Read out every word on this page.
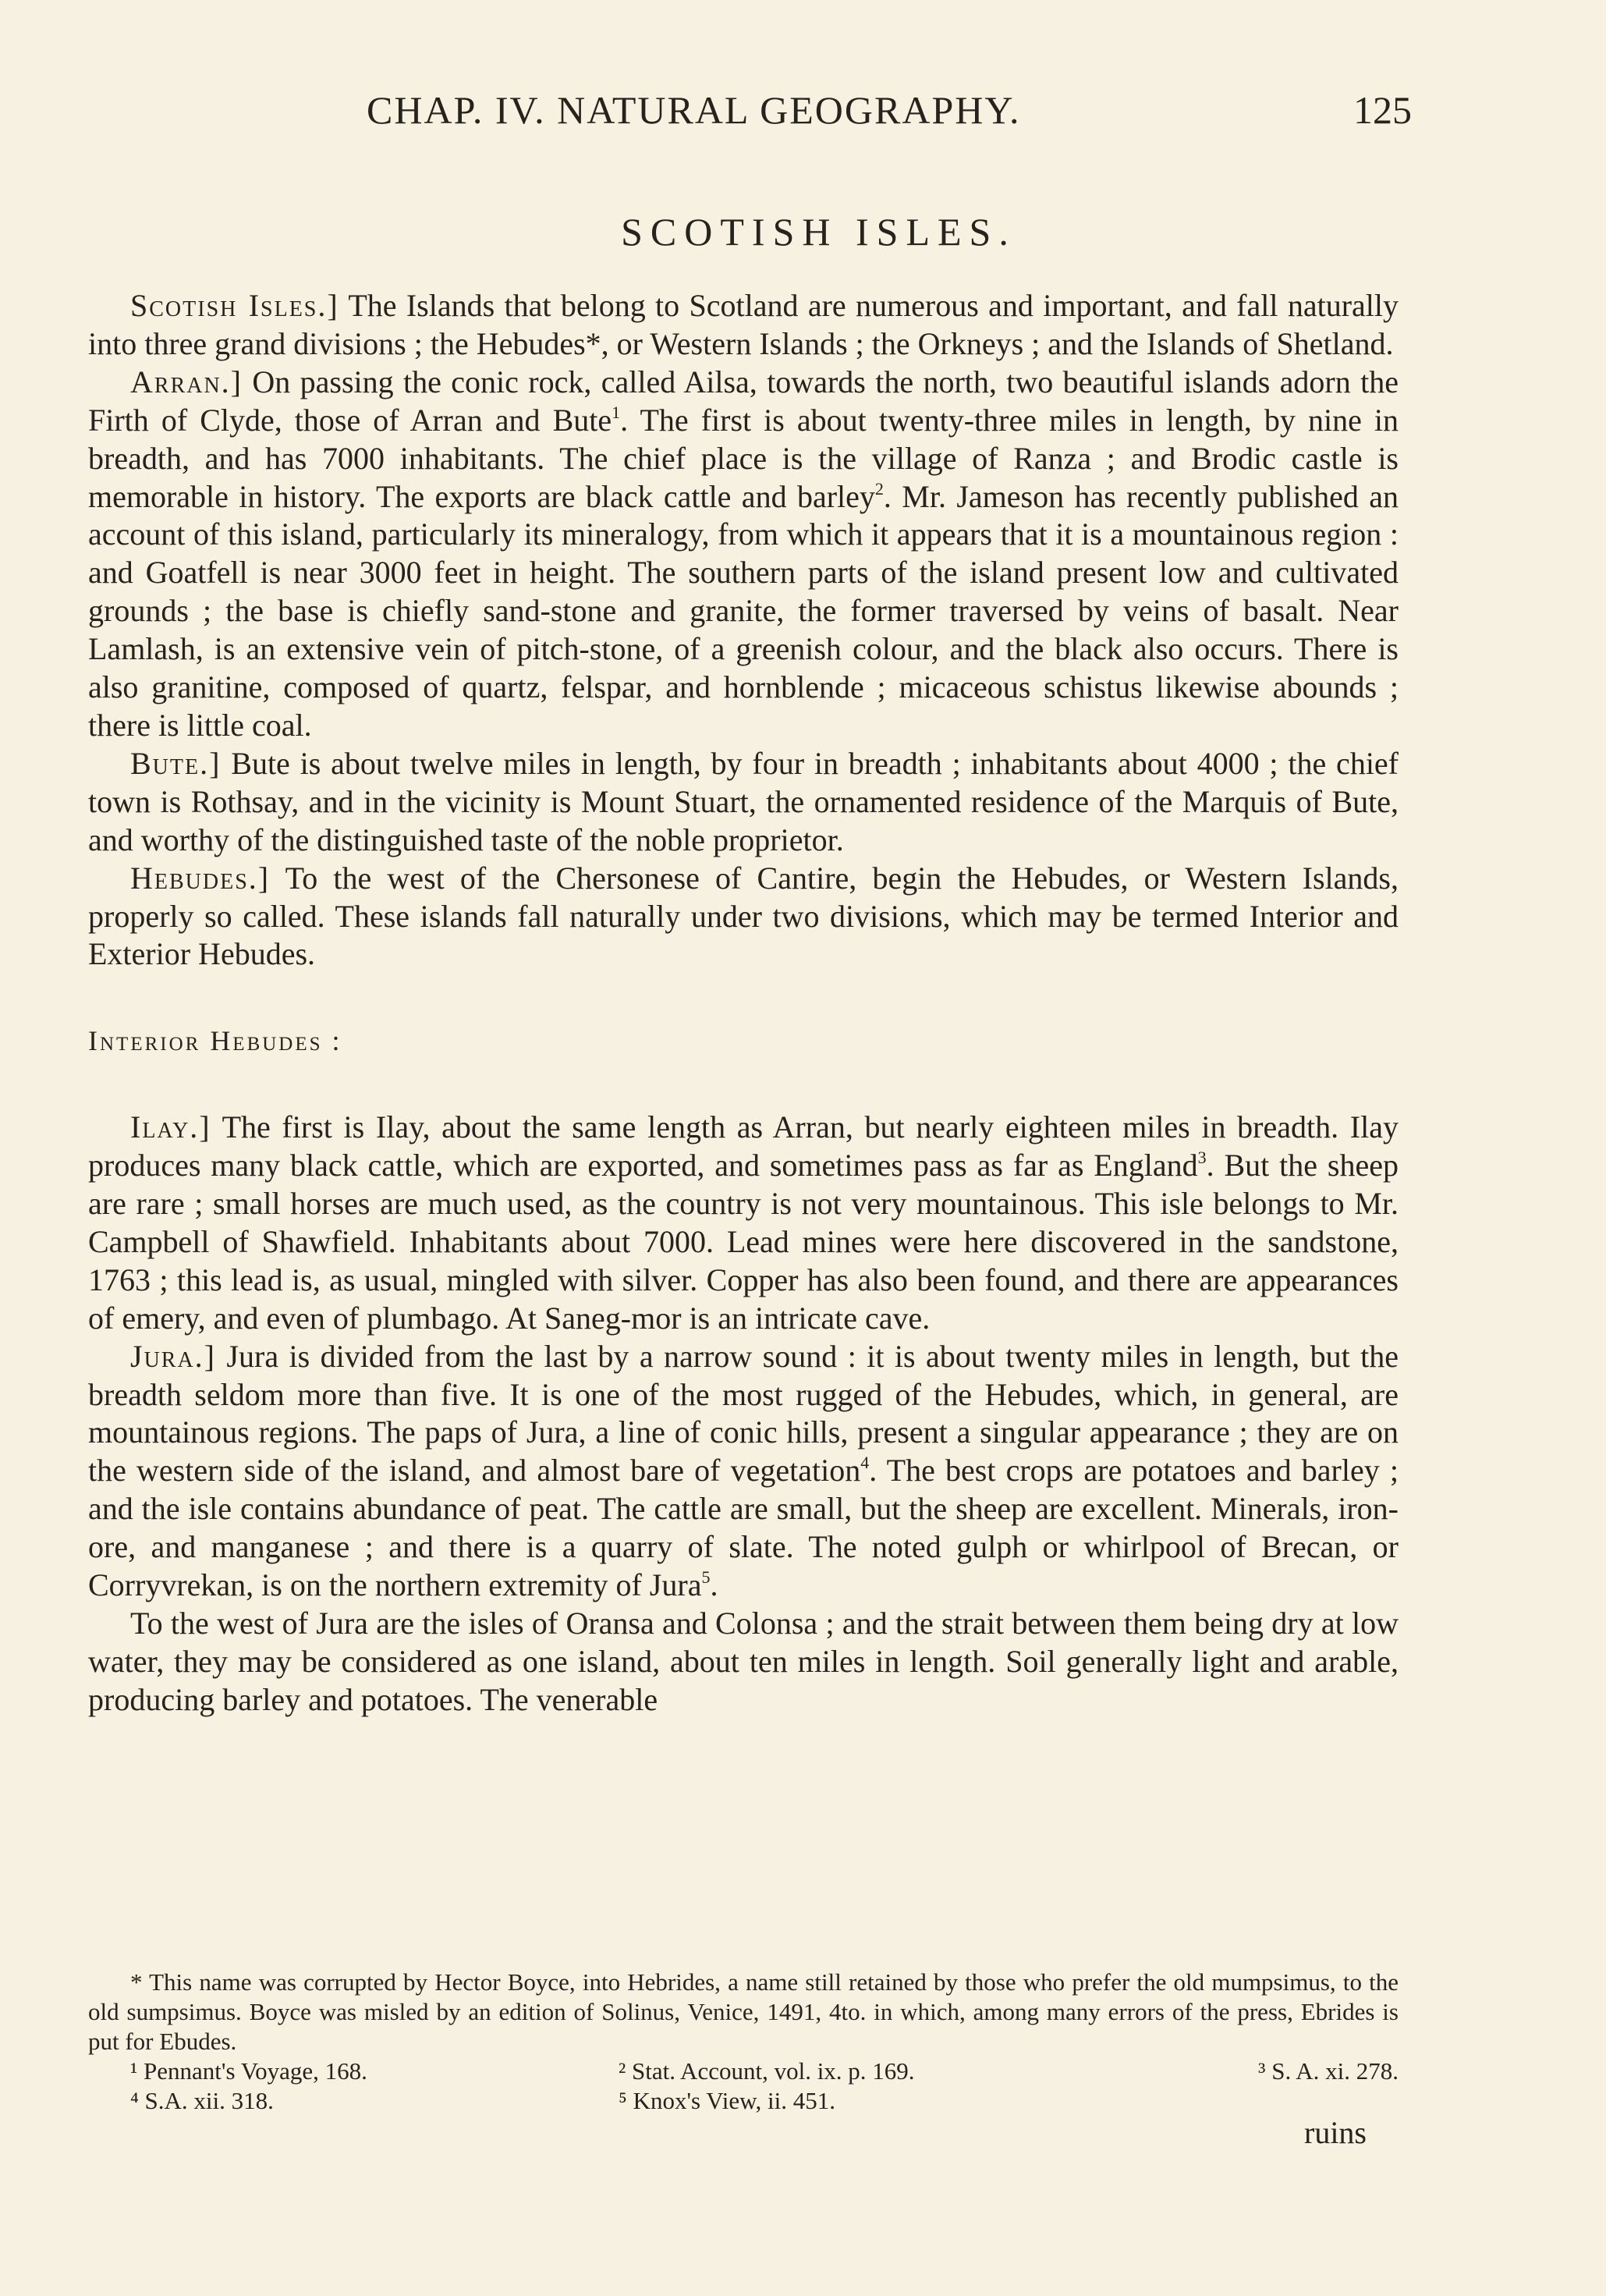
CHAP. IV. NATURAL GEOGRAPHY.	125
SCOTISH ISLES.

Scotish Isles.] The Islands that belong to Scotland are numerous and important, and fall naturally into three grand divisions ; the Hebudes*, or Western Islands ; the Orkneys ; and the Islands of Shetland.

Arran.] On passing the conic rock, called Ailsa, towards the north, two beautiful islands adorn the Firth of Clyde, those of Arran and Bute$^1$. The first is about twenty-three miles in length, by nine in breadth, and has 7000 inhabitants. The chief place is the village of Ranza ; and Brodic castle is memorable in history. The exports are black cattle and barley$^2$. Mr. Jameson has recently published an account of this island, particularly its mineralogy, from which it appears that it is a mountainous region : and Goatfell is near 3000 feet in height. The southern parts of the island present low and cultivated grounds ; the base is chiefly sand-stone and granite, the former traversed by veins of basalt. Near Lamlash, is an extensive vein of pitch-stone, of a greenish colour, and the black also occurs. There is also granitine, composed of quartz, felspar, and hornblende ; micaceous schistus likewise abounds ; there is little coal.

Bute.] Bute is about twelve miles in length, by four in breadth ; inhabitants about 4000 ; the chief town is Rothsay, and in the vicinity is Mount Stuart, the ornamented residence of the Marquis of Bute, and worthy of the distinguished taste of the noble proprietor.

Hebudes.] To the west of the Chersonese of Cantire, begin the Hebudes, or Western Islands, properly so called. These islands fall naturally under two divisions, which may be termed Interior and Exterior Hebudes.

Interior Hebudes :

Ilay.] The first is Ilay, about the same length as Arran, but nearly eighteen miles in breadth. Ilay produces many black cattle, which are exported, and sometimes pass as far as England$^3$. But the sheep are rare ; small horses are much used, as the country is not very mountainous. This isle belongs to Mr. Campbell of Shawfield. Inhabitants about 7000. Lead mines were here discovered in the sandstone, 1763 ; this lead is, as usual, mingled with silver. Copper has also been found, and there are appearances of emery, and even of plumbago. At Saneg-mor is an intricate cave.

Jura.] Jura is divided from the last by a narrow sound : it is about twenty miles in length, but the breadth seldom more than five. It is one of the most rugged of the Hebudes, which, in general, are mountainous regions. The paps of Jura, a line of conic hills, present a singular appearance ; they are on the western side of the island, and almost bare of vegetation$^4$. The best crops are potatoes and barley ; and the isle contains abundance of peat. The cattle are small, but the sheep are excellent. Minerals, iron-ore, and manganese ; and there is a quarry of slate. The noted gulph or whirlpool of Brecan, or Corryvrekan, is on the northern extremity of Jura$^5$.

To the west of Jura are the isles of Oransa and Colonsa ; and the strait between them being dry at low water, they may be considered as one island, about ten miles in length. Soil generally light and arable, producing barley and potatoes. The venerable

* This name was corrupted by Hector Boyce, into Hebrides, a name still retained by those who prefer the old mumpsimus, to the old sumpsimus. Boyce was misled by an edition of Solinus, Venice, 1491, 4to. in which, among many errors of the press, Ebrides is put for Ebudes.

¹ Pennant's Voyage, 168.	² Stat. Account, vol. ix. p. 169.	³ S. A. xi. 278.
⁴ S.A. xii. 318.	⁵ Knox's View, ii. 451.
ruins
